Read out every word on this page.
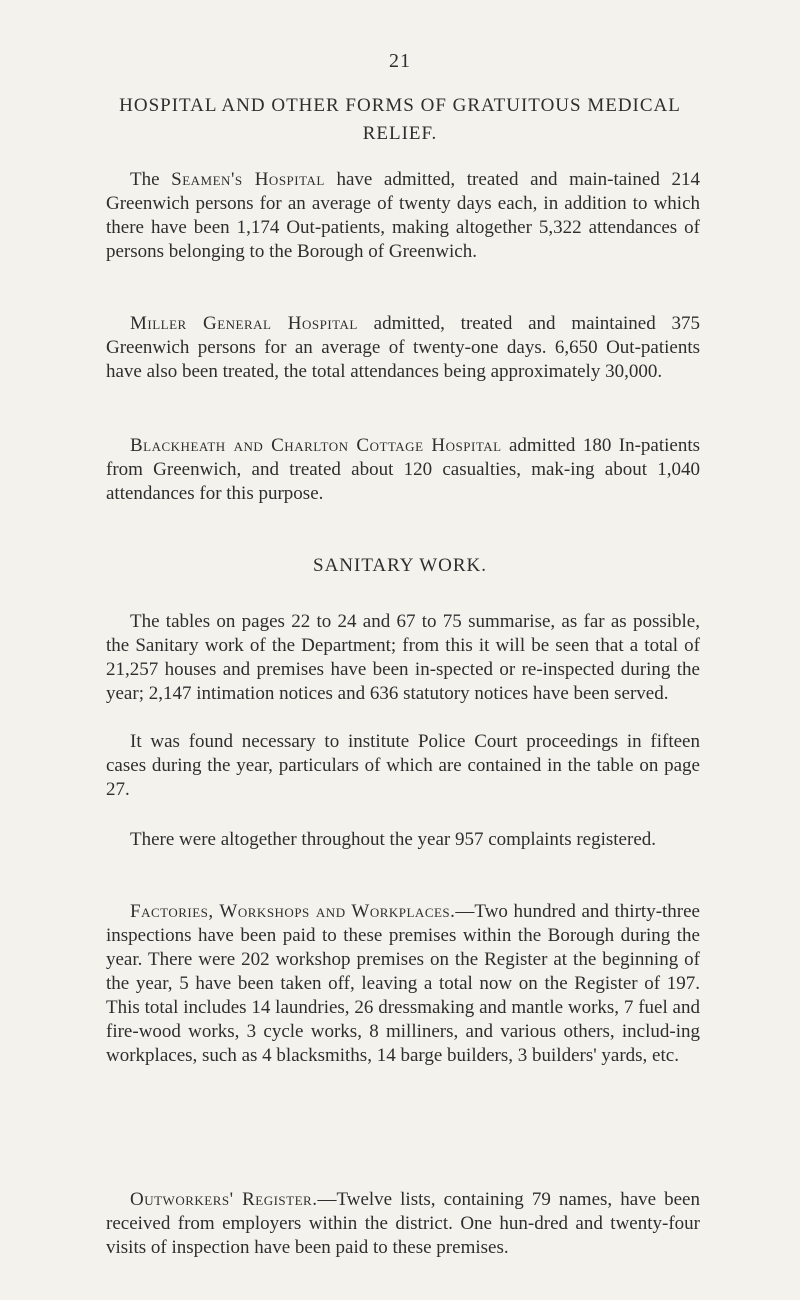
21
HOSPITAL AND OTHER FORMS OF GRATUITOUS MEDICAL RELIEF.

The Seamen's Hospital have admitted, treated and main-tained 214 Greenwich persons for an average of twenty days each, in addition to which there have been 1,174 Out-patients, making altogether 5,322 attendances of persons belonging to the Borough of Greenwich.

Miller General Hospital admitted, treated and maintained 375 Greenwich persons for an average of twenty-one days. 6,650 Out-patients have also been treated, the total attendances being approximately 30,000.

Blackheath and Charlton Cottage Hospital admitted 180 In-patients from Greenwich, and treated about 120 casualties, mak-ing about 1,040 attendances for this purpose.

SANITARY WORK.

The tables on pages 22 to 24 and 67 to 75 summarise, as far as possible, the Sanitary work of the Department; from this it will be seen that a total of 21,257 houses and premises have been in-spected or re-inspected during the year; 2,147 intimation notices and 636 statutory notices have been served.

It was found necessary to institute Police Court proceedings in fifteen cases during the year, particulars of which are contained in the table on page 27.

There were altogether throughout the year 957 complaints registered.

Factories, Workshops and Workplaces.—Two hundred and thirty-three inspections have been paid to these premises within the Borough during the year. There were 202 workshop premises on the Register at the beginning of the year, 5 have been taken off, leaving a total now on the Register of 197. This total includes 14 laundries, 26 dressmaking and mantle works, 7 fuel and fire-wood works, 3 cycle works, 8 milliners, and various others, includ-ing workplaces, such as 4 blacksmiths, 14 barge builders, 3 builders' yards, etc.

Outworkers' Register.—Twelve lists, containing 79 names, have been received from employers within the district. One hun-dred and twenty-four visits of inspection have been paid to these premises.
